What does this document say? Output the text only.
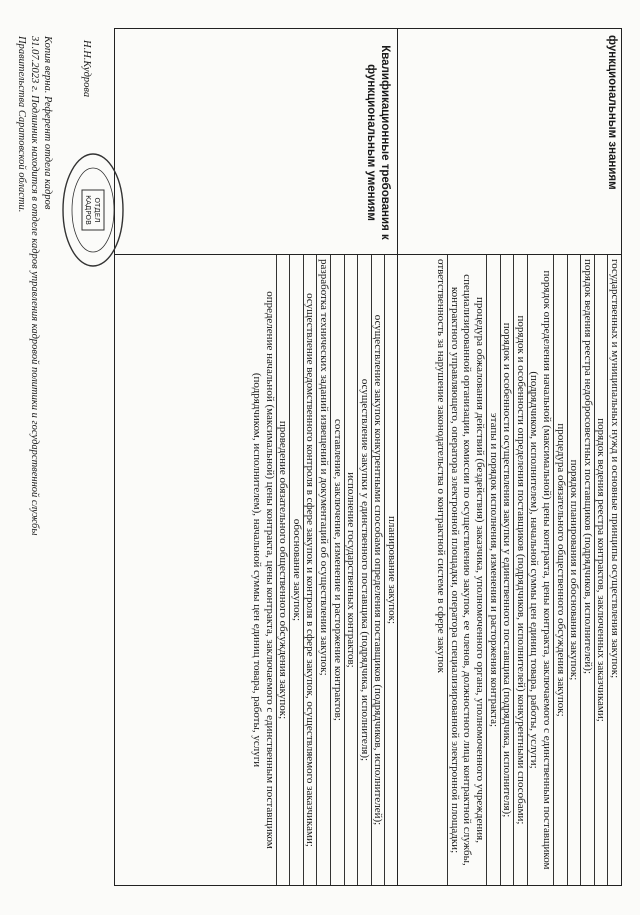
функциональным знаниям
государственных и муниципальных нужд и основные принципы осуществления закупок;
порядок ведения реестра контрактов, заключенных заказчиками;
порядок ведения реестра недобросовестных поставщиков (подрядчиков, исполнителей);
порядок планирования и обоснования закупок;
процедура обязательного общественного обсуждения закупок;
порядок определения начальной (максимальной) цены контракта, цены контракта, заключаемого с единственным поставщиком (подрядчиком, исполнителем), начальной суммы цен единиц товара, работы, услуги;
порядок и особенности определения поставщиков (подрядчиков, исполнителей) конкурентными способами;
порядок и особенности осуществления закупки у единственного поставщика (подрядчика, исполнителя);
этапы и порядок исполнения, изменения и расторжения контракта;
процедура обжалования действий (бездействия) заказчика, уполномоченного органа, уполномоченного учреждения, специализированной организации, комиссии по осуществлению закупок, ее членов, должностного лица контрактной службы, контрактного управляющего, оператора электронной площадки, оператора специализированной электронной площадки;
ответственность за нарушение законодательства о контрактной системе в сфере закупок
Квалификационные требования к функциональным умениям
планирование закупок;
осуществление закупок конкурентными способами определения поставщиков (подрядчиков, исполнителей);
осуществление закупки у единственного поставщика (подрядчика, исполнителя);
исполнение государственных контрактов;
составление, заключение, изменение и расторжение контрактов;
разработка технических заданий извещений и документаций об осуществлении закупок;
осуществление ведомственного контроля в сфере закупок и контроля в сфере закупок, осуществляемого заказчиками;
обоснование закупок;
проведение обязательного общественного обсуждения закупок;
определение начальной (максимальной) цены контракта, цены контракта, заключаемого с единственным поставщиком (подрядчиком, исполнителем), начальной суммы цен единиц товара, работы, услуги
ОТДЕЛ
КАДРОВ
Н.Н.Кудрова
Копия верна. Референт отдела кадров
31.07.2023 г. Подлинник находится в отделе кадров управления кадровой политики и государственной службы
Правительства Саратовской области.
